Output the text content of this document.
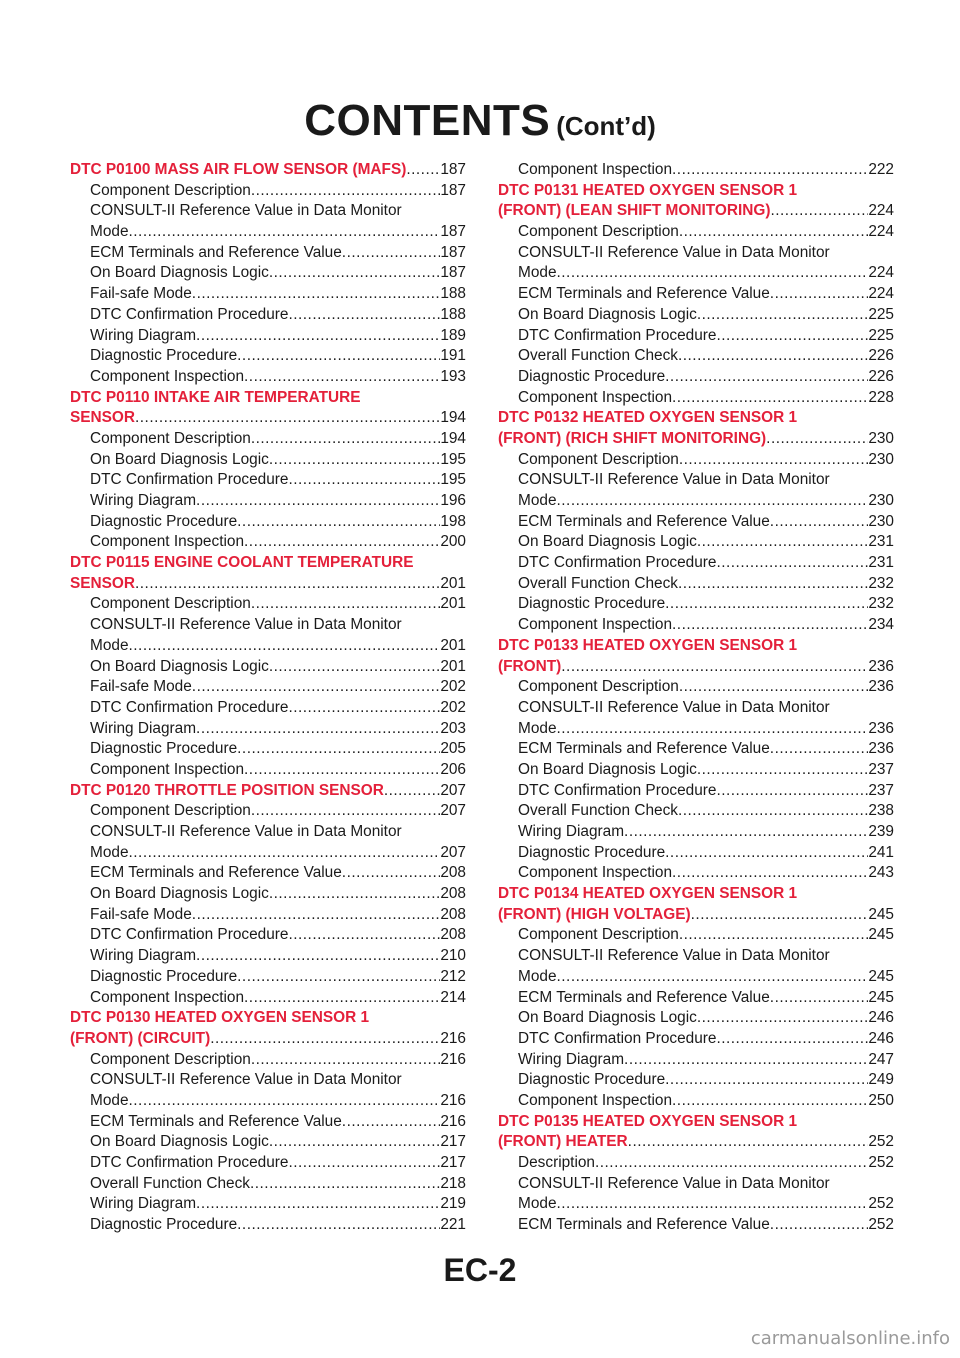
CONTENTS (Cont’d)
DTC P0100 MASS AIR FLOW SENSOR (MAFS) ..... 187
Component Description .....	187
CONSULT-II Reference Value in Data Monitor
Mode .....	187
ECM Terminals and Reference Value .....	187
On Board Diagnosis Logic .....	187
Fail-safe Mode .....	188
DTC Confirmation Procedure .....	188
Wiring Diagram .....	189
Diagnostic Procedure .....	191
Component Inspection .....	193
DTC P0110 INTAKE AIR TEMPERATURE
SENSOR .....	194
Component Description .....	194
On Board Diagnosis Logic .....	195
DTC Confirmation Procedure .....	195
Wiring Diagram .....	196
Diagnostic Procedure .....	198
Component Inspection .....	200
DTC P0115 ENGINE COOLANT TEMPERATURE
SENSOR .....	201
Component Description .....	201
CONSULT-II Reference Value in Data Monitor
Mode .....	201
On Board Diagnosis Logic .....	201
Fail-safe Mode .....	202
DTC Confirmation Procedure .....	202
Wiring Diagram .....	203
Diagnostic Procedure .....	205
Component Inspection .....	206
DTC P0120 THROTTLE POSITION SENSOR .....	207
Component Description .....	207
CONSULT-II Reference Value in Data Monitor
Mode .....	207
ECM Terminals and Reference Value .....	208
On Board Diagnosis Logic .....	208
Fail-safe Mode .....	208
DTC Confirmation Procedure .....	208
Wiring Diagram .....	210
Diagnostic Procedure .....	212
Component Inspection .....	214
DTC P0130 HEATED OXYGEN SENSOR 1
(FRONT) (CIRCUIT) .....	216
Component Description .....	216
CONSULT-II Reference Value in Data Monitor
Mode .....	216
ECM Terminals and Reference Value .....	216
On Board Diagnosis Logic .....	217
DTC Confirmation Procedure .....	217
Overall Function Check .....	218
Wiring Diagram .....	219
Diagnostic Procedure .....	221
Component Inspection .....	222
DTC P0131 HEATED OXYGEN SENSOR 1
(FRONT) (LEAN SHIFT MONITORING) .....	224
Component Description .....	224
CONSULT-II Reference Value in Data Monitor
Mode .....	224
ECM Terminals and Reference Value .....	224
On Board Diagnosis Logic .....	225
DTC Confirmation Procedure .....	225
Overall Function Check .....	226
Diagnostic Procedure .....	226
Component Inspection .....	228
DTC P0132 HEATED OXYGEN SENSOR 1
(FRONT) (RICH SHIFT MONITORING) .....	230
Component Description .....	230
CONSULT-II Reference Value in Data Monitor
Mode .....	230
ECM Terminals and Reference Value .....	230
On Board Diagnosis Logic .....	231
DTC Confirmation Procedure .....	231
Overall Function Check .....	232
Diagnostic Procedure .....	232
Component Inspection .....	234
DTC P0133 HEATED OXYGEN SENSOR 1
(FRONT) .....	236
Component Description .....	236
CONSULT-II Reference Value in Data Monitor
Mode .....	236
ECM Terminals and Reference Value .....	236
On Board Diagnosis Logic .....	237
DTC Confirmation Procedure .....	237
Overall Function Check .....	238
Wiring Diagram .....	239
Diagnostic Procedure .....	241
Component Inspection .....	243
DTC P0134 HEATED OXYGEN SENSOR 1
(FRONT) (HIGH VOLTAGE) .....	245
Component Description .....	245
CONSULT-II Reference Value in Data Monitor
Mode .....	245
ECM Terminals and Reference Value .....	245
On Board Diagnosis Logic .....	246
DTC Confirmation Procedure .....	246
Wiring Diagram .....	247
Diagnostic Procedure .....	249
Component Inspection .....	250
DTC P0135 HEATED OXYGEN SENSOR 1
(FRONT) HEATER .....	252
Description .....	252
CONSULT-II Reference Value in Data Monitor
Mode .....	252
ECM Terminals and Reference Value .....	252
EC-2
carmanualsonline.info
